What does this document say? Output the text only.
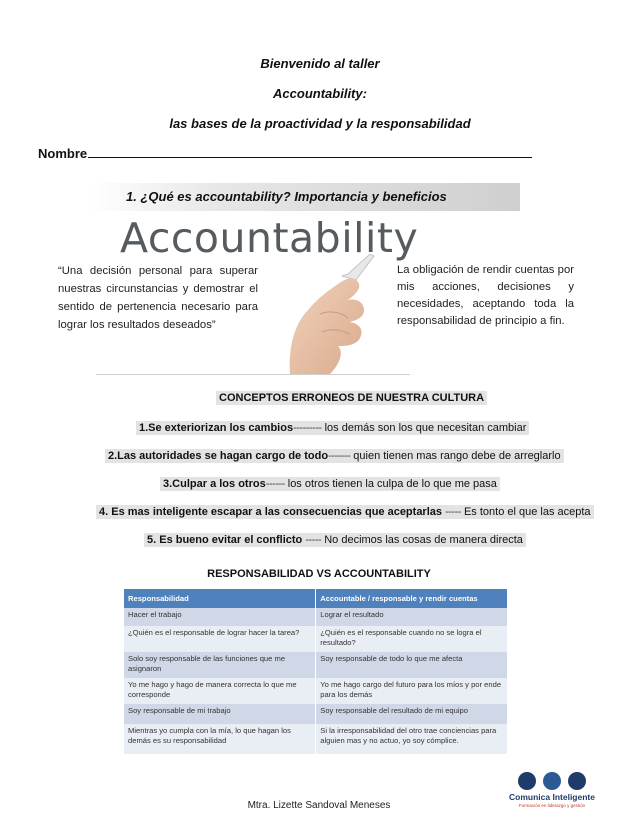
Bienvenido al taller
Accountability:
las bases de la proactividad y la responsabilidad
Nombre
1. ¿Qué es accountability? Importancia y beneficios
Accountability
“Una decisión personal para superar nuestras circunstancias y demostrar el sentido de pertenencia necesario para lograr los resultados deseados”
La obligación de rendir cuentas por mis acciones, decisiones y necesidades, aceptando toda la responsabilidad de principio a fin.
CONCEPTOS ERRONEOS DE NUESTRA CULTURA
1.Se exteriorizan los cambios--------- los demás son los que necesitan cambiar
2.Las autoridades se hagan cargo de todo------- quien tienen mas rango debe de arreglarlo
3.Culpar a los otros------ los otros tienen la culpa de lo que me pasa
4. Es mas inteligente escapar a las consecuencias que aceptarlas ----- Es tonto el que las acepta
5. Es bueno evitar el conflicto ----- No decimos las cosas de manera directa
RESPONSABILIDAD VS ACCOUNTABILITY
Responsabilidad	Accountable / responsable y rendir cuentas
Hacer el trabajo	Lograr el resultado
¿Quién es el responsable de lograr hacer la tarea?	¿Quién es el responsable cuando no se logra el resultado?
Solo soy responsable de las funciones que me asignaron	Soy responsable de todo lo que me afecta
Yo me hago y hago de manera correcta lo que me corresponde	Yo me hago cargo del futuro para los míos y por ende para los demás
Soy responsable de mi trabajo	Soy responsable del resultado de mi equipo
Mientras yo cumpla con la mía, lo que hagan los demás es su responsabilidad	Si la irresponsabilidad del otro trae conciencias para alguien mas y no actuo, yo soy cómplice.
Comunica Inteligente
Formación en liderazgo y gestión
Mtra. Lizette Sandoval Meneses
